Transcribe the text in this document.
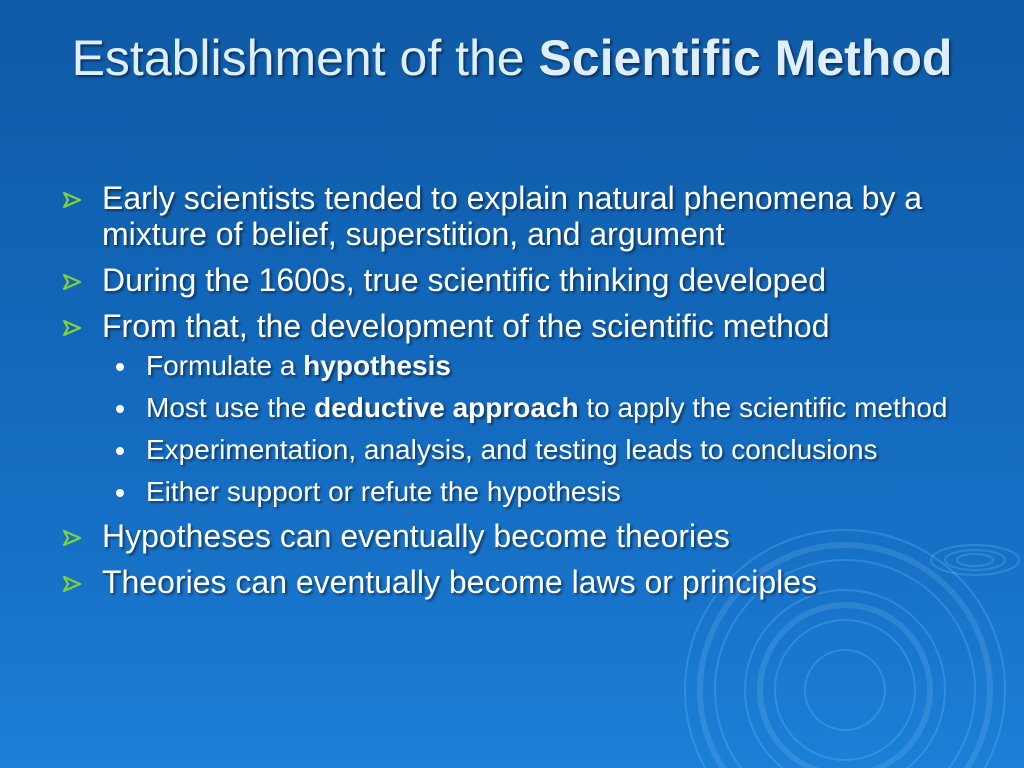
Establishment of the Scientific Method
Early scientists tended to explain natural phenomena by a mixture of belief, superstition, and argument
During the 1600s, true scientific thinking developed
From that, the development of the scientific method
Formulate a hypothesis
Most use the deductive approach to apply the scientific method
Experimentation, analysis, and testing leads to conclusions
Either support or refute the hypothesis
Hypotheses can eventually become theories
Theories can eventually become laws or principles
